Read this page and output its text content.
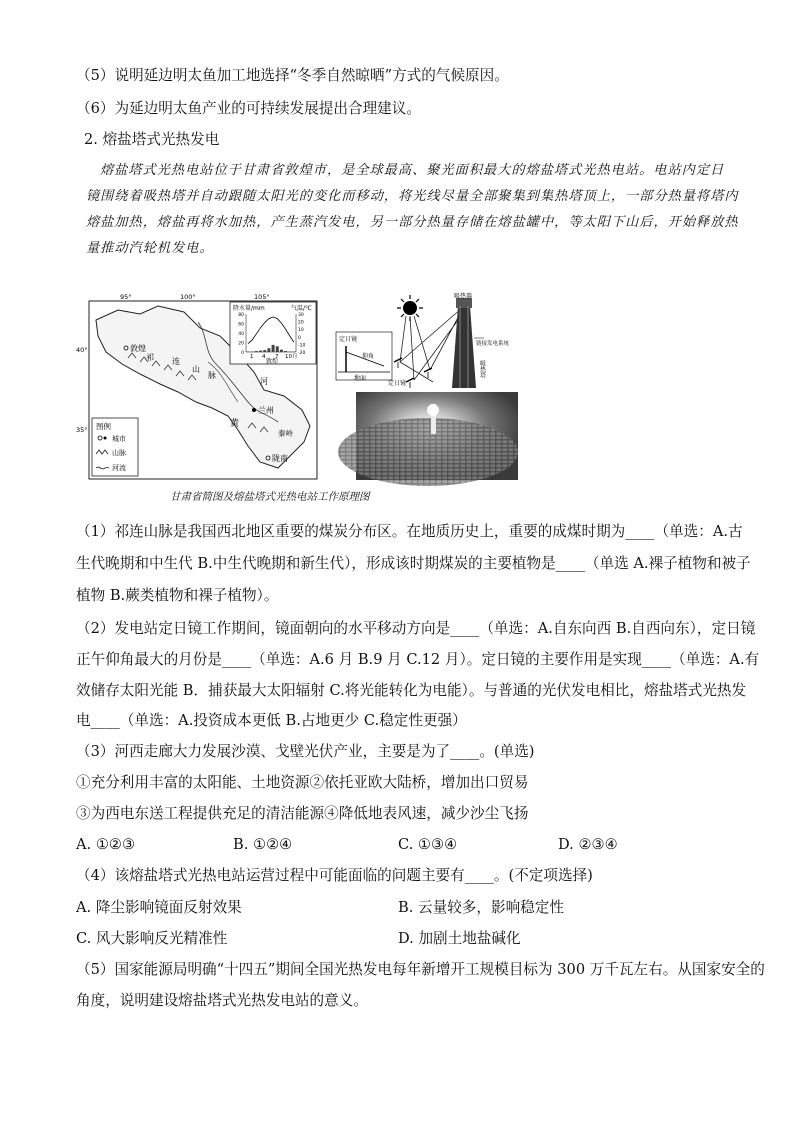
（5）说明延边明太鱼加工地选择“冬季自然晾晒”方式的气候原因。
（6）为延边明太鱼产业的可持续发展提出合理建议。
2. 熔盐塔式光热发电
熔盐塔式光热电站位于甘肃省敦煌市，是全球最高、聚光面积最大的熔盐塔式光热电站。电站内定日
镜围绕着吸热塔并自动跟随太阳光的变化而移动，将光线尽量全部聚集到集热塔顶上，一部分热量将塔内
熔盐加热，熔盐再将水加热，产生蒸汽发电，另一部分热量存储在熔盐罐中，等太阳下山后，开始释放热
量推动汽轮机发电。
95°	100°	105°
40°
35°
敦煌
祁 连
山
脉
河
兰州
黄
秦岭
陇南
图例
城市
山脉
河流
降水量/mm	气温/℃
80
60
40
20
0
30
20
10
0
-10
-20
1 4 7 10月
敦煌
吸热器
链接发电系统
吸热塔
定日镜
仰角
地面
定日镜
甘肃省简图及熔盐塔式光热电站工作原理图
（1）祁连山脉是我国西北地区重要的煤炭分布区。在地质历史上，重要的成煤时期为____（单选：A.古
生代晚期和中生代 B.中生代晚期和新生代），形成该时期煤炭的主要植物是____（单选 A.裸子植物和被子
植物 B.蕨类植物和裸子植物）。
（2）发电站定日镜工作期间，镜面朝向的水平移动方向是____（单选：A.自东向西 B.自西向东），定日镜
正午仰角最大的月份是____（单选：A.6 月 B.9 月 C.12 月）。定日镜的主要作用是实现____（单选：A.有
效储存太阳光能 B．捕获最大太阳辐射 C.将光能转化为电能）。与普通的光伏发电相比，熔盐塔式光热发
电____（单选：A.投资成本更低 B.占地更少 C.稳定性更强）
（3）河西走廊大力发展沙漠、戈壁光伏产业，主要是为了____。(单选)
①充分利用丰富的太阳能、土地资源②依托亚欧大陆桥，增加出口贸易
③为西电东送工程提供充足的清洁能源④降低地表风速，减少沙尘飞扬
A. ①②③	B. ①②④	C. ①③④	D. ②③④
（4）该熔盐塔式光热电站运营过程中可能面临的问题主要有____。(不定项选择)
A. 降尘影响镜面反射效果	B. 云量较多，影响稳定性
C. 风大影响反光精准性	D. 加剧土地盐碱化
（5）国家能源局明确“十四五”期间全国光热发电每年新增开工规模目标为 300 万千瓦左右。从国家安全的
角度，说明建设熔盐塔式光热发电站的意义。
